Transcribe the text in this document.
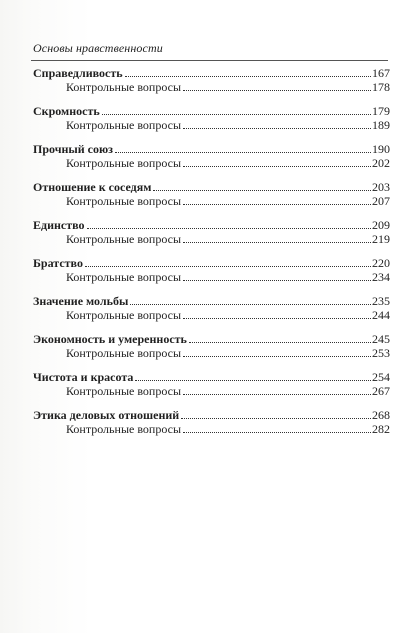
Основы нравственности
Справедливость	167
Контрольные вопросы	178
Скромность	179
Контрольные вопросы	189
Прочный союз	190
Контрольные вопросы	202
Отношение к соседям	203
Контрольные вопросы	207
Единство	209
Контрольные вопросы	219
Братство	220
Контрольные вопросы	234
Значение мольбы	235
Контрольные вопросы	244
Экономность и умеренность	245
Контрольные вопросы	253
Чистота и красота	254
Контрольные вопросы	267
Этика деловых отношений	268
Контрольные вопросы	282
